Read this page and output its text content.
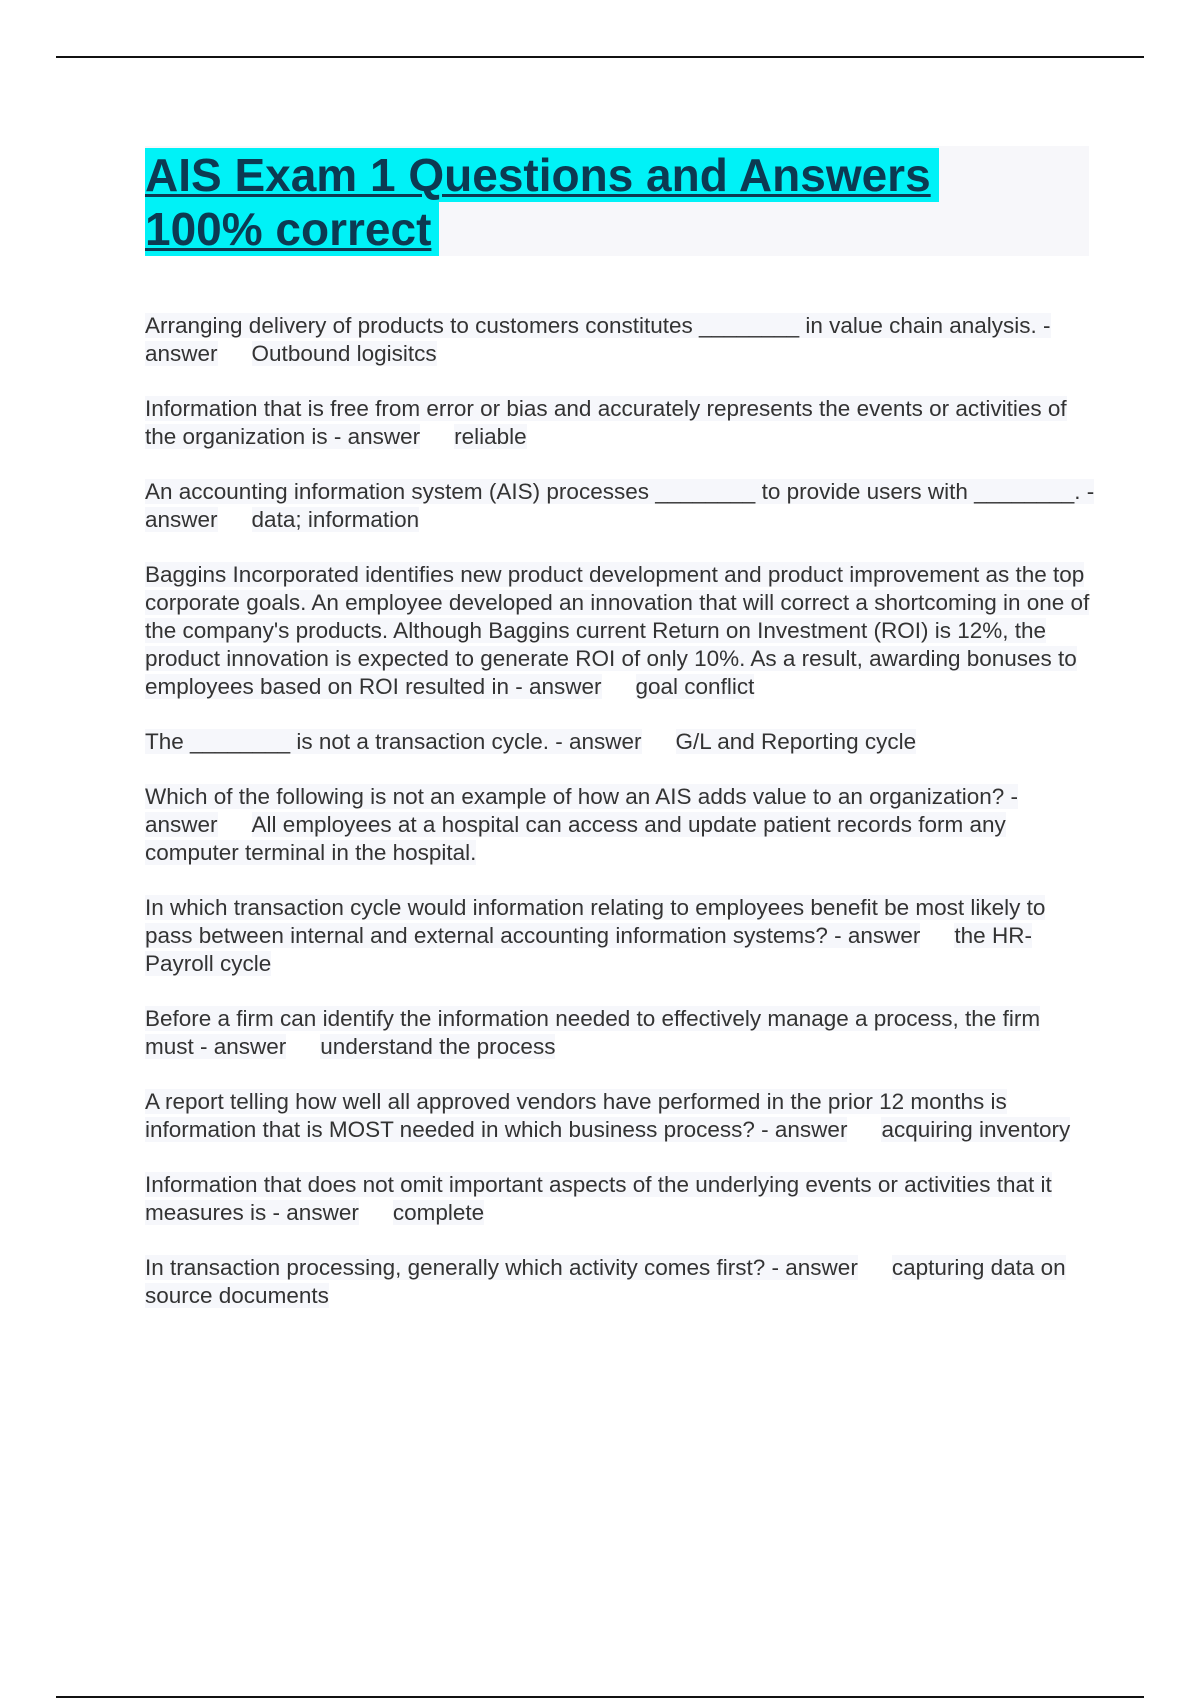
AIS Exam 1 Questions and Answers
100% correct

Arranging delivery of products to customers constitutes ________ in value chain analysis. - answer Outbound logisitcs

Information that is free from error or bias and accurately represents the events or activities of the organization is - answer reliable

An accounting information system (AIS) processes ________ to provide users with ________. - answer data; information

Baggins Incorporated identifies new product development and product improvement as the top corporate goals. An employee developed an innovation that will correct a shortcoming in one of the company's products. Although Baggins current Return on Investment (ROI) is 12%, the product innovation is expected to generate ROI of only 10%. As a result, awarding bonuses to employees based on ROI resulted in - answer goal conflict

The ________ is not a transaction cycle. - answer G/L and Reporting cycle

Which of the following is not an example of how an AIS adds value to an organization? - answer All employees at a hospital can access and update patient records form any computer terminal in the hospital.

In which transaction cycle would information relating to employees benefit be most likely to pass between internal and external accounting information systems? - answer the HR-Payroll cycle

Before a firm can identify the information needed to effectively manage a process, the firm must - answer understand the process

A report telling how well all approved vendors have performed in the prior 12 months is information that is MOST needed in which business process? - answer acquiring inventory

Information that does not omit important aspects of the underlying events or activities that it measures is - answer complete

In transaction processing, generally which activity comes first? - answer capturing data on source documents
